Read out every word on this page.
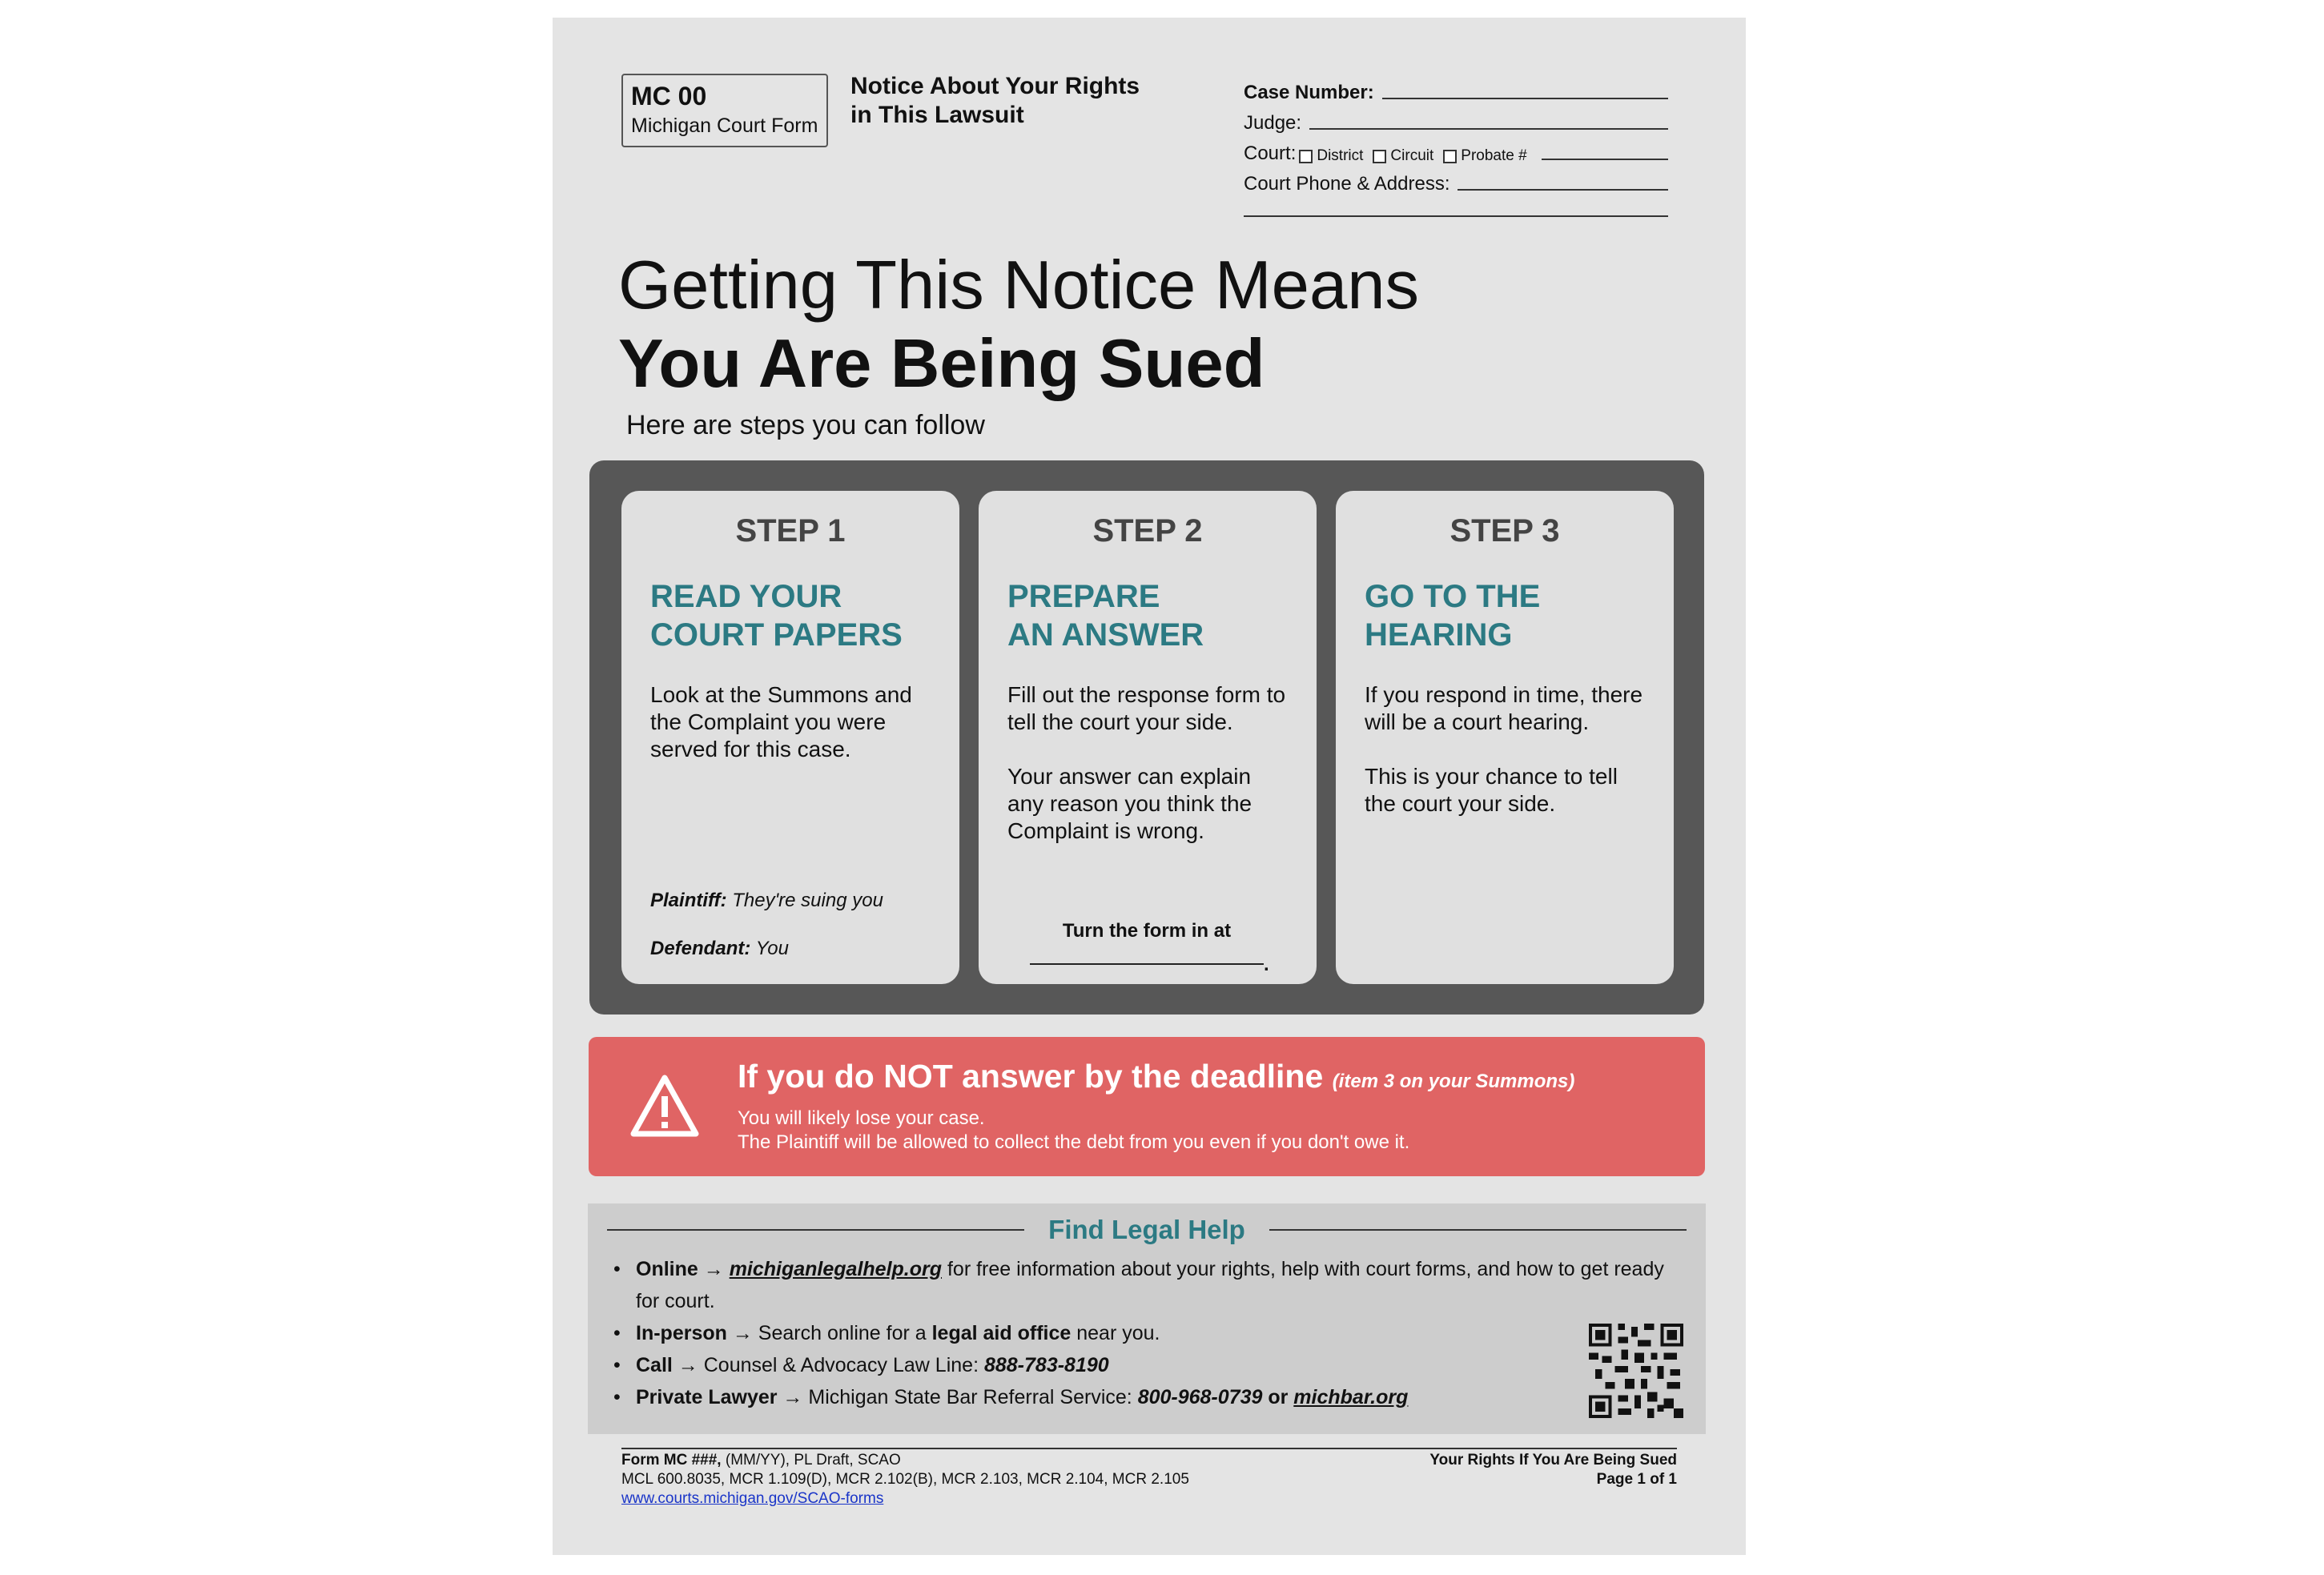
MC 00
Michigan Court Form
Notice About Your Rights
in This Lawsuit
Case Number:
Judge:
Court: District Circuit Probate #
Court Phone & Address:
Getting This Notice Means
You Are Being Sued
Here are steps you can follow
STEP 1
READ YOUR
COURT PAPERS

Look at the Summons and the Complaint you were served for this case.

Plaintiff: They're suing you
Defendant: You
STEP 2
PREPARE
AN ANSWER

Fill out the response form to tell the court your side.

Your answer can explain any reason you think the Complaint is wrong.

Turn the form in at
.
STEP 3
GO TO THE
HEARING

If you respond in time, there will be a court hearing.

This is your chance to tell the court your side.

If you do NOT answer by the deadline (item 3 on your Summons)
You will likely lose your case.
The Plaintiff will be allowed to collect the debt from you even if you don't owe it.
Find Legal Help
• Online → michiganlegalhelp.org for free information about your rights, help with court forms, and how to get ready for court.
• In-person → Search online for a legal aid office near you.
• Call → Counsel & Advocacy Law Line: 888-783-8190
• Private Lawyer → Michigan State Bar Referral Service: 800-968-0739 or michbar.org
Form MC ###, (MM/YY), PL Draft, SCAO
MCL 600.8035, MCR 1.109(D), MCR 2.102(B), MCR 2.103, MCR 2.104, MCR 2.105
www.courts.michigan.gov/SCAO-forms
Your Rights If You Are Being Sued
Page 1 of 1
